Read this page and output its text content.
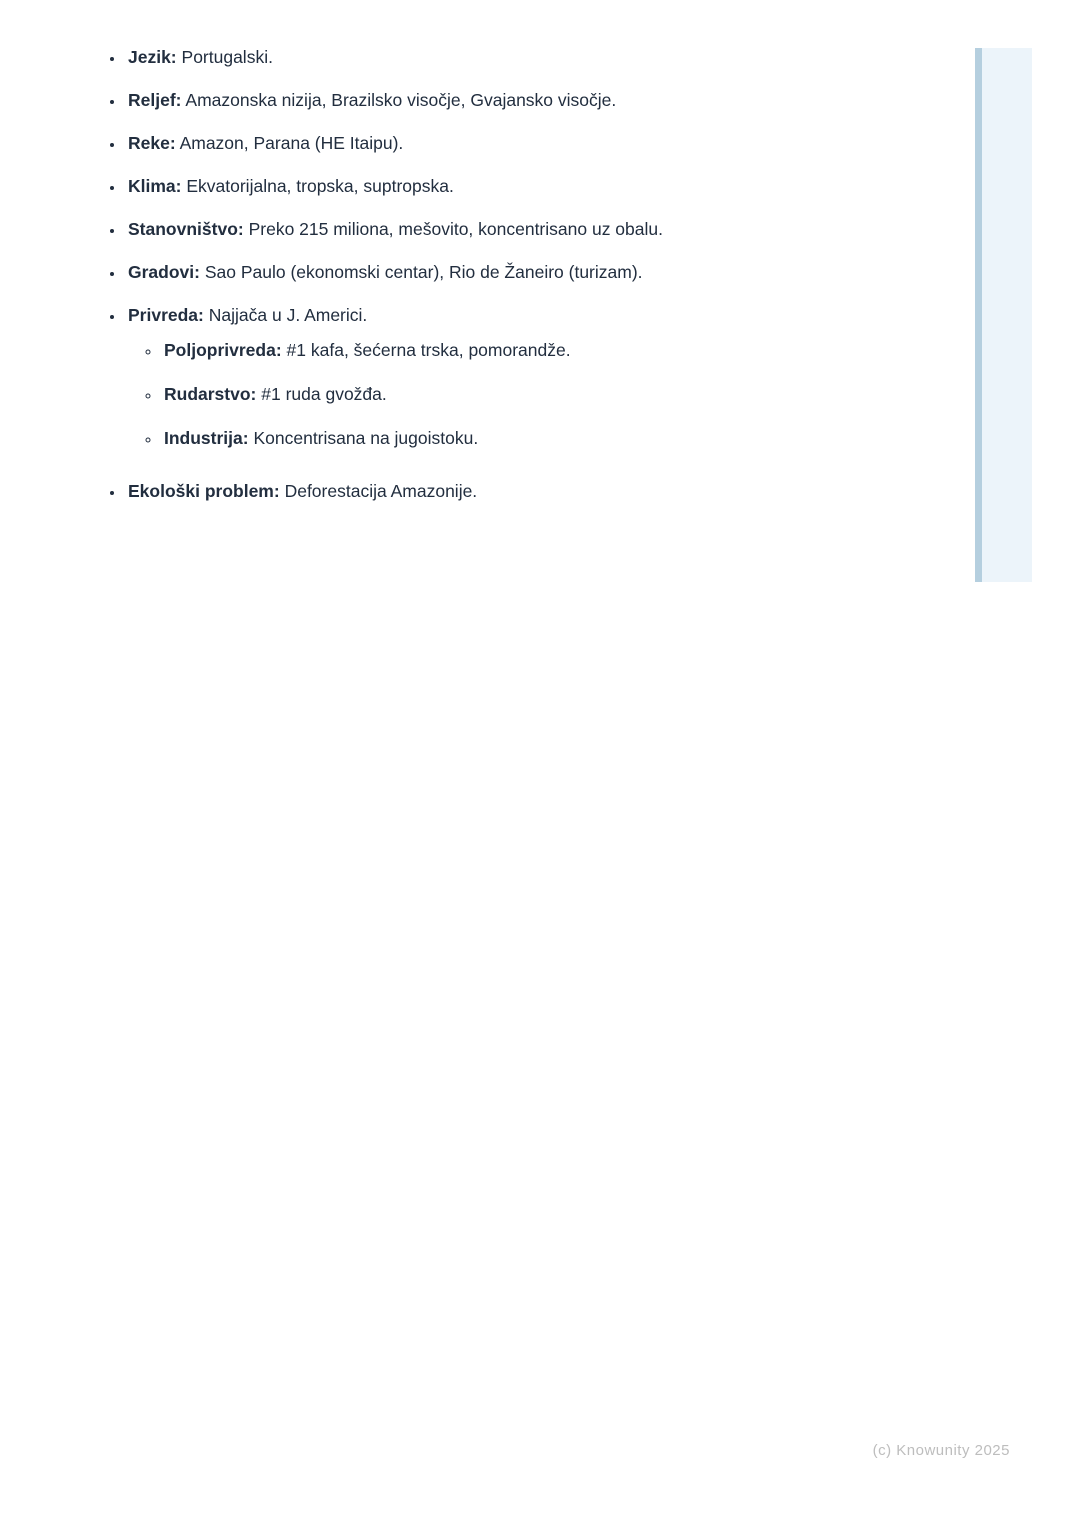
• Jezik: Portugalski.
• Reljef: Amazonska nizija, Brazilsko visočje, Gvajansko visočje.
• Reke: Amazon, Parana (HE Itaipu).
• Klima: Ekvatorijalna, tropska, suptropska.
• Stanovništvo: Preko 215 miliona, mešovito, koncentrisano uz obalu.
• Gradovi: Sao Paulo (ekonomski centar), Rio de Žaneiro (turizam).
• Privreda: Najjača u J. Americi.
◦ Poljoprivreda: #1 kafa, šećerna trska, pomorandže.
◦ Rudarstvo: #1 ruda gvožđa.
◦ Industrija: Koncentrisana na jugoistoku.
• Ekološki problem: Deforestacija Amazonije.
(c) Knowunity 2025
